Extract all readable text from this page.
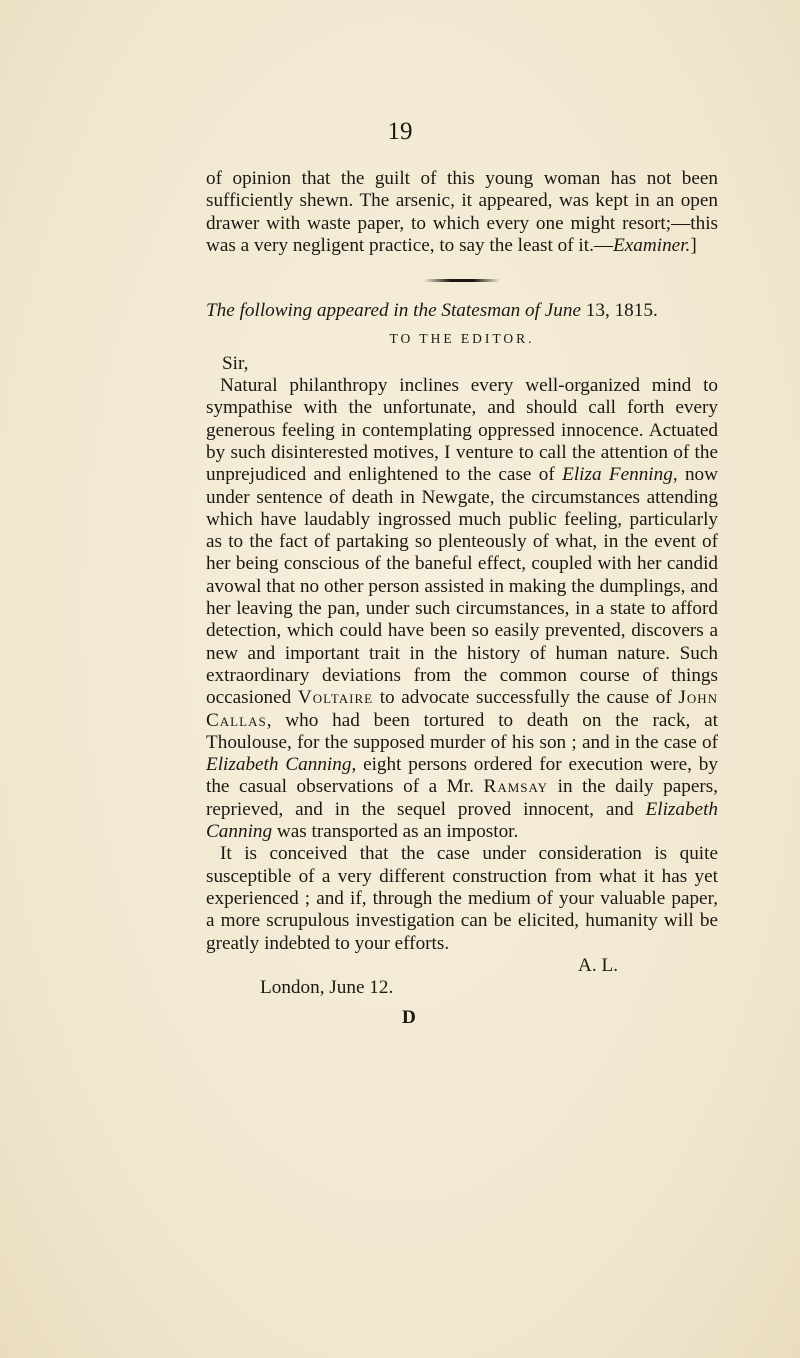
19

of opinion that the guilt of this young woman has not been sufficiently shewn. The arsenic, it appeared, was kept in an open drawer with waste paper, to which every one might resort;—this was a very negligent practice, to say the least of it.—Examiner.]

The following appeared in the Statesman of June 13, 1815.

TO THE EDITOR.

Sir,

Natural philanthropy inclines every well-organized mind to sympathise with the unfortunate, and should call forth every generous feeling in contemplating oppressed innocence. Actuated by such disinterested motives, I venture to call the attention of the unprejudiced and enlightened to the case of Eliza Fenning, now under sentence of death in Newgate, the circumstances attending which have laudably ingrossed much public feeling, particularly as to the fact of partaking so plenteously of what, in the event of her being conscious of the baneful effect, coupled with her candid avowal that no other person assisted in making the dumplings, and her leaving the pan, under such circumstances, in a state to afford detection, which could have been so easily prevented, discovers a new and important trait in the history of human nature. Such extraordinary deviations from the common course of things occasioned Voltaire to advocate successfully the cause of John Callas, who had been tortured to death on the rack, at Thoulouse, for the supposed murder of his son ; and in the case of Elizabeth Canning, eight persons ordered for execution were, by the casual observations of a Mr. Ramsay in the daily papers, reprieved, and in the sequel proved innocent, and Elizabeth Canning was transported as an impostor.

It is conceived that the case under consideration is quite susceptible of a very different construction from what it has yet experienced ; and if, through the medium of your valuable paper, a more scrupulous investigation can be elicited, humanity will be greatly indebted to your efforts.

A. L.

London, June 12.

D
